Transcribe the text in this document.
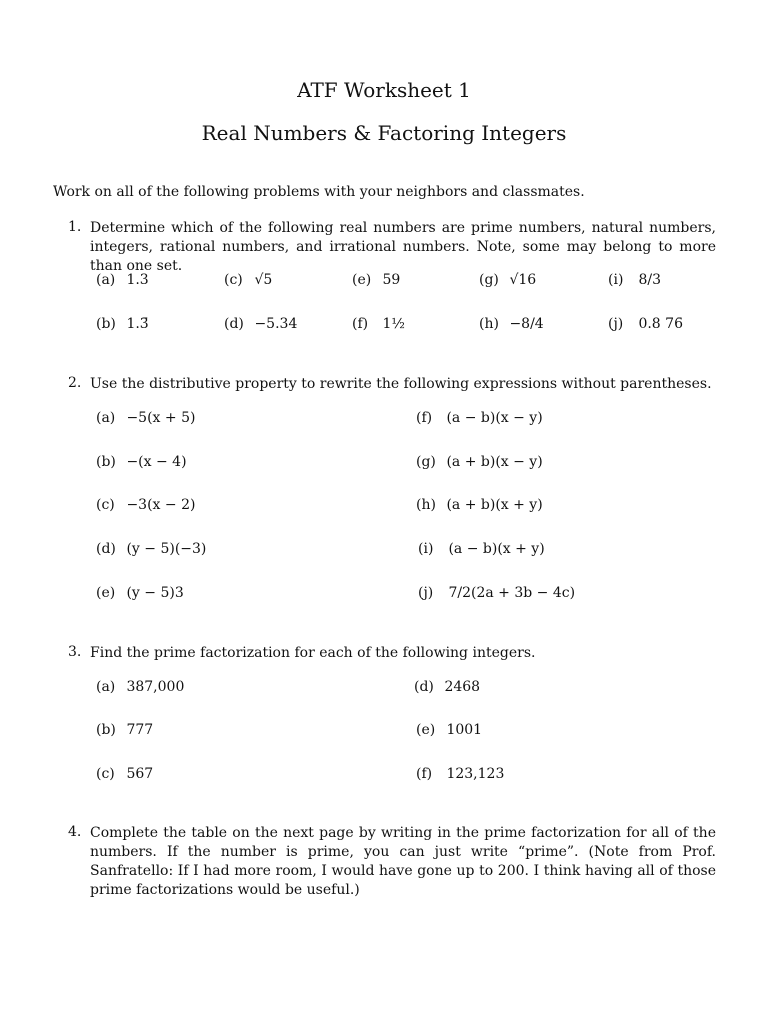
ATF Worksheet 1
Real Numbers & Factoring Integers
Work on all of the following problems with your neighbors and classmates.
1. Determine which of the following real numbers are prime numbers, natural numbers, integers, rational numbers, and irrational numbers. Note, some may belong to more than one set.
(a) 1.3
(b) 1.3̄
(c) √5
(d) −5.34
(e) 59
(f) 1½
(g) √16
(h) −8/4
(i) 8/3
(j) 0.8 76̄
2. Use the distributive property to rewrite the following expressions without parentheses.
(a) −5(x + 5)
(b) −(x − 4)
(c) −3(x − 2)
(d) (y − 5)(−3)
(e) (y − 5)3
(f) (a − b)(x − y)
(g) (a + b)(x − y)
(h) (a + b)(x + y)
(i) (a − b)(x + y)
(j) 7/2(2a + 3b − 4c)
3. Find the prime factorization for each of the following integers.
(a) 387,000
(b) 777
(c) 567
(d) 2468
(e) 1001
(f) 123,123
4. Complete the table on the next page by writing in the prime factorization for all of the numbers. If the number is prime, you can just write “prime”. (Note from Prof. Sanfratello: If I had more room, I would have gone up to 200. I think having all of those prime factorizations would be useful.)
